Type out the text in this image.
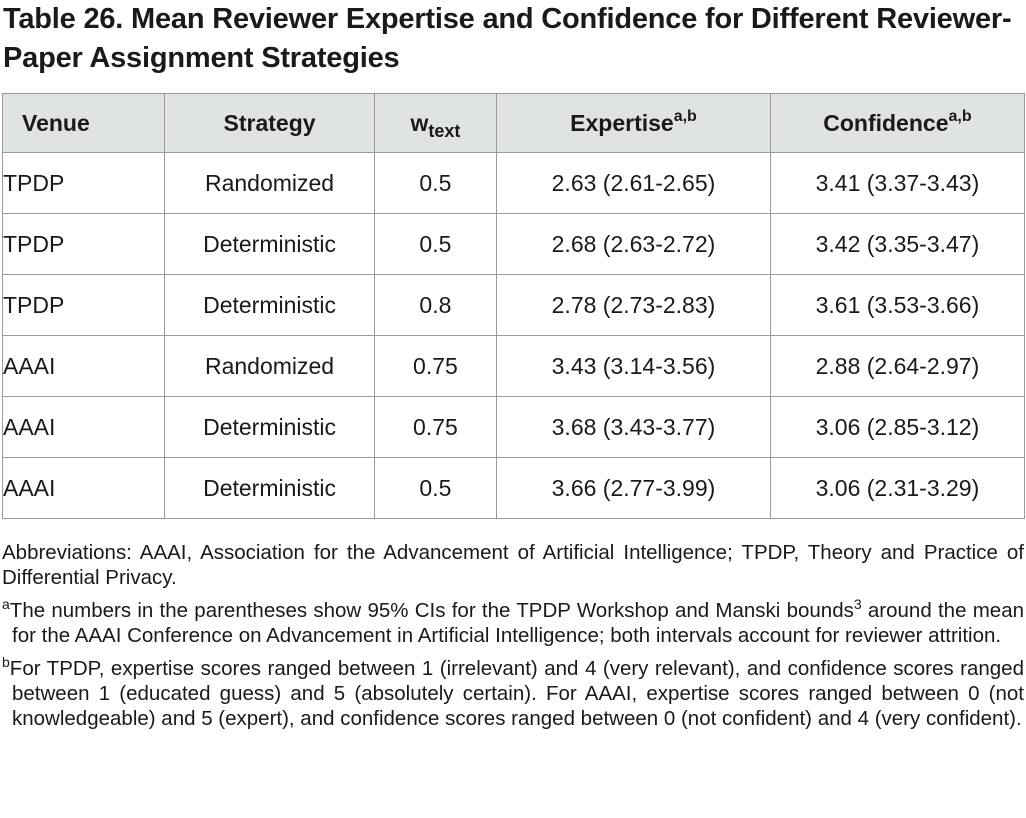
Table 26. Mean Reviewer Expertise and Confidence for Different Reviewer-Paper Assignment Strategies
Venue	Strategy	$w_{text}$	Expertise$^{a,b}$	Confidence$^{a,b}$
TPDP	Randomized	0.5	2.63 (2.61-2.65)	3.41 (3.37-3.43)
TPDP	Deterministic	0.5	2.68 (2.63-2.72)	3.42 (3.35-3.47)
TPDP	Deterministic	0.8	2.78 (2.73-2.83)	3.61 (3.53-3.66)
AAAI	Randomized	0.75	3.43 (3.14-3.56)	2.88 (2.64-2.97)
AAAI	Deterministic	0.75	3.68 (3.43-3.77)	3.06 (2.85-3.12)
AAAI	Deterministic	0.5	3.66 (2.77-3.99)	3.06 (2.31-3.29)

Abbreviations: AAAI, Association for the Advancement of Artificial Intelligence; TPDP, Theory and Practice of Differential Privacy.

$^a$The numbers in the parentheses show 95% CIs for the TPDP Workshop and Manski bounds$^3$ around the mean for the AAAI Conference on Advancement in Artificial Intelligence; both intervals account for reviewer attrition.

$^b$For TPDP, expertise scores ranged between 1 (irrelevant) and 4 (very relevant), and confidence scores ranged between 1 (educated guess) and 5 (absolutely certain). For AAAI, expertise scores ranged between 0 (not knowledgeable) and 5 (expert), and confidence scores ranged between 0 (not confident) and 4 (very confident).
